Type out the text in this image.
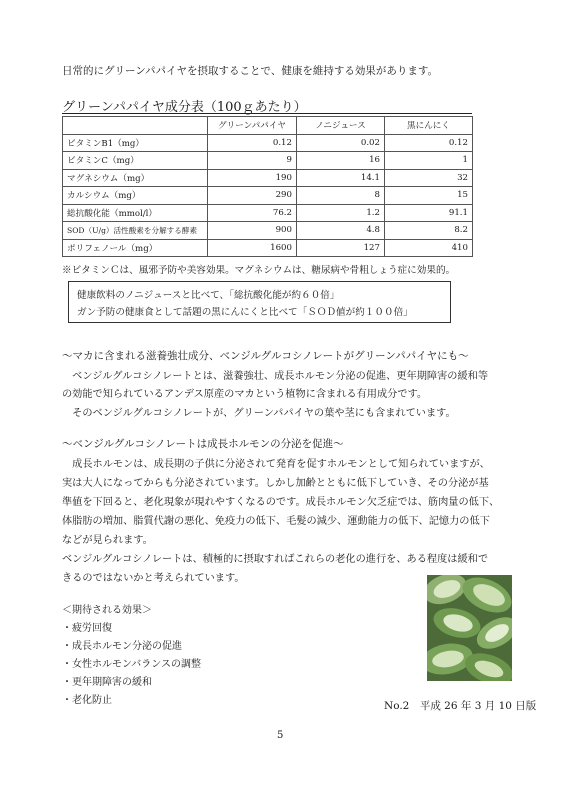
日常的にグリーンパパイヤを摂取することで、健康を維持する効果があります。
グリーンパパイヤ成分表（100ｇあたり）
	グリーンパパイヤ	ノニジュース	黒にんにく
ビタミンB1（mg）	0.12	0.02	0.12
ビタミンC（mg）	9	16	1
マグネシウム（mg）	190	14.1	32
カルシウム（mg）	290	8	15
総抗酸化能（mmol/l）	76.2	1.2	91.1
SOD（U/g）活性酸素を分解する酵素	900	4.8	8.2
ポリフェノール（mg）	1600	127	410
※ビタミンＣは、風邪予防や美容効果。マグネシウムは、糖尿病や骨粗しょう症に効果的。
健康飲料のノニジュースと比べて、「総抗酸化能が約６０倍」
ガン予防の健康食として話題の黒にんにくと比べて「ＳＯＤ値が約１００倍」
～マカに含まれる滋養強壮成分、ベンジルグルコシノレートがグリーンパパイヤにも～
　ベンジルグルコシノレートとは、滋養強壮、成長ホルモン分泌の促進、更年期障害の緩和等
の効能で知られているアンデス原産のマカという植物に含まれる有用成分です。
　そのベンジルグルコシノレートが、グリーンパパイヤの葉や茎にも含まれています。
～ベンジルグルコシノレートは成長ホルモンの分泌を促進～
　成長ホルモンは、成長期の子供に分泌されて発育を促すホルモンとして知られていますが、
実は大人になってからも分泌されています。しかし加齢とともに低下していき、その分泌が基
準値を下回ると、老化現象が現れやすくなるのです。成長ホルモン欠乏症では、筋肉量の低下、
体脂肪の増加、脂質代謝の悪化、免疫力の低下、毛髪の減少、運動能力の低下、記憶力の低下
などが見られます。
ベンジルグルコシノレートは、積極的に摂取すればこれらの老化の進行を、ある程度は緩和で
きるのではないかと考えられています。
＜期待される効果＞
・疲労回復
・成長ホルモン分泌の促進
・女性ホルモンバランスの調整
・更年期障害の緩和
・老化防止	No.2　平成 26 年 3 月 10 日版
5
